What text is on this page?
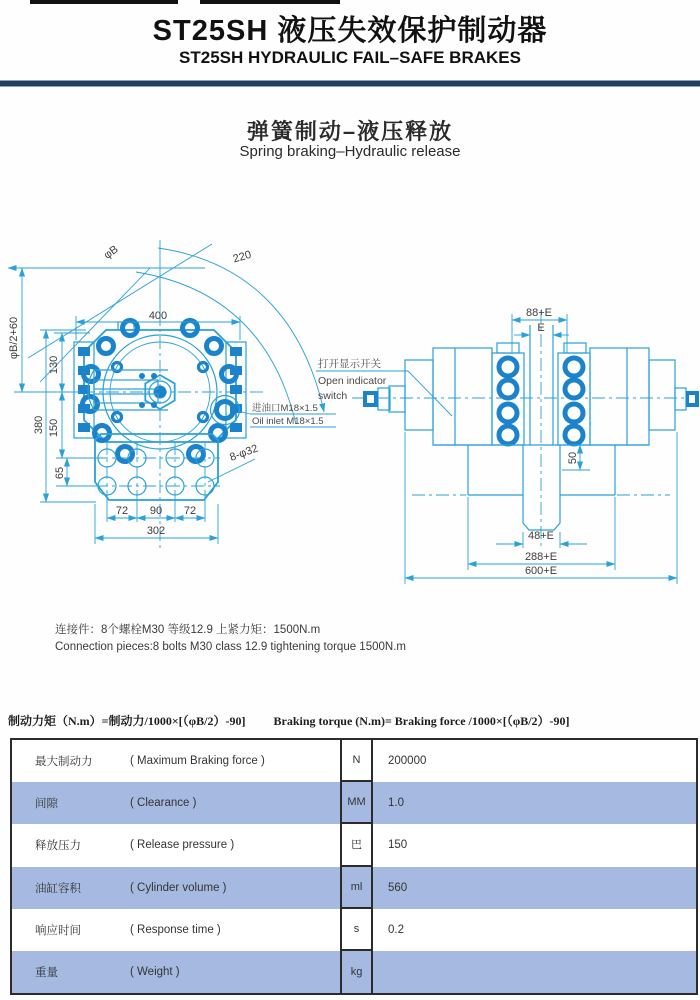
ST25SH 液压失效保护制动器
ST25SH HYDRAULIC FAIL–SAFE BRAKES
弹簧制动–液压释放
Spring braking–Hydraulic release
φB	220
400
φB/2+60
380
130
150
65
72 90 72
302
8-φ32
进油口M18×1.5
Oil inlet M18×1.5
50
88+E
E
48+E
288+E
600+E
打开显示开关
Open indicator
switch
连接件：8个螺栓M30 等级12.9 上紧力矩：1500N.m
Connection pieces:8 bolts M30 class 12.9 tightening torque 1500N.m
制动力矩（N.m）=制动力/1000×[（φB/2）-90] Braking torque (N.m)= Braking force /1000×[（φB/2）-90]
最大制动力	( Maximum Braking force )	N	200000
间隙	( Clearance )	MM	1.0
释放压力	( Release pressure )	巴	150
油缸容积	( Cylinder volume )	ml	560
响应时间	( Response time )	s	0.2
重量	( Weight )	kg
